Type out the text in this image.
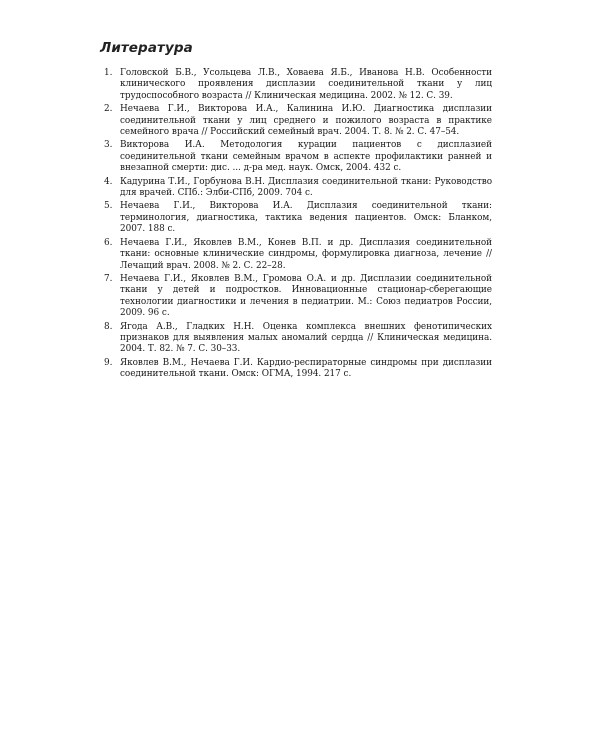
Литература
1. Головской Б.В., Усольцева Л.В., Ховаева Я.Б., Иванова Н.В. Особенности клинического проявления дисплазии соединительной ткани у лиц трудоспособного возраста // Клиническая медицина. 2002. № 12. С. 39.
2. Нечаева Г.И., Викторова И.А., Калинина И.Ю. Диагностика дисплазии соединительной ткани у лиц среднего и пожилого возраста в практике семейного врача // Российский семейный врач. 2004. Т. 8. № 2. С. 47–54.
3. Викторова И.А. Методология курации пациентов с дисплазией соединительной ткани семейным врачом в аспекте профилактики ранней и внезапной смерти: дис. ... д-ра мед. наук. Омск, 2004. 432 с.
4. Кадурина Т.И., Горбунова В.Н. Дисплазия соединительной ткани: Руководство для врачей. СПб.: Элби-СПб, 2009. 704 с.
5. Нечаева Г.И., Викторова И.А. Дисплазия соединительной ткани: терминология, диагностика, тактика ведения пациентов. Омск: Бланком, 2007. 188 с.
6. Нечаева Г.И., Яковлев В.М., Конев В.П. и др. Дисплазия соединительной ткани: основные клинические синдромы, формулировка диагноза, лечение // Лечащий врач. 2008. № 2. С. 22–28.
7. Нечаева Г.И., Яковлев В.М., Громова О.А. и др. Дисплазии соединительной ткани у детей и подростков. Инновационные стационар-сберегающие технологии диагностики и лечения в педиатрии. М.: Союз педиатров России, 2009. 96 с.
8. Ягода А.В., Гладких Н.Н. Оценка комплекса внешних фенотипических признаков для выявления малых аномалий сердца // Клиническая медицина. 2004. Т. 82. № 7. С. 30–33.
9. Яковлев В.М., Нечаева Г.И. Кардио-респираторные синдромы при дисплазии соединительной ткани. Омск: ОГМА, 1994. 217 с.
